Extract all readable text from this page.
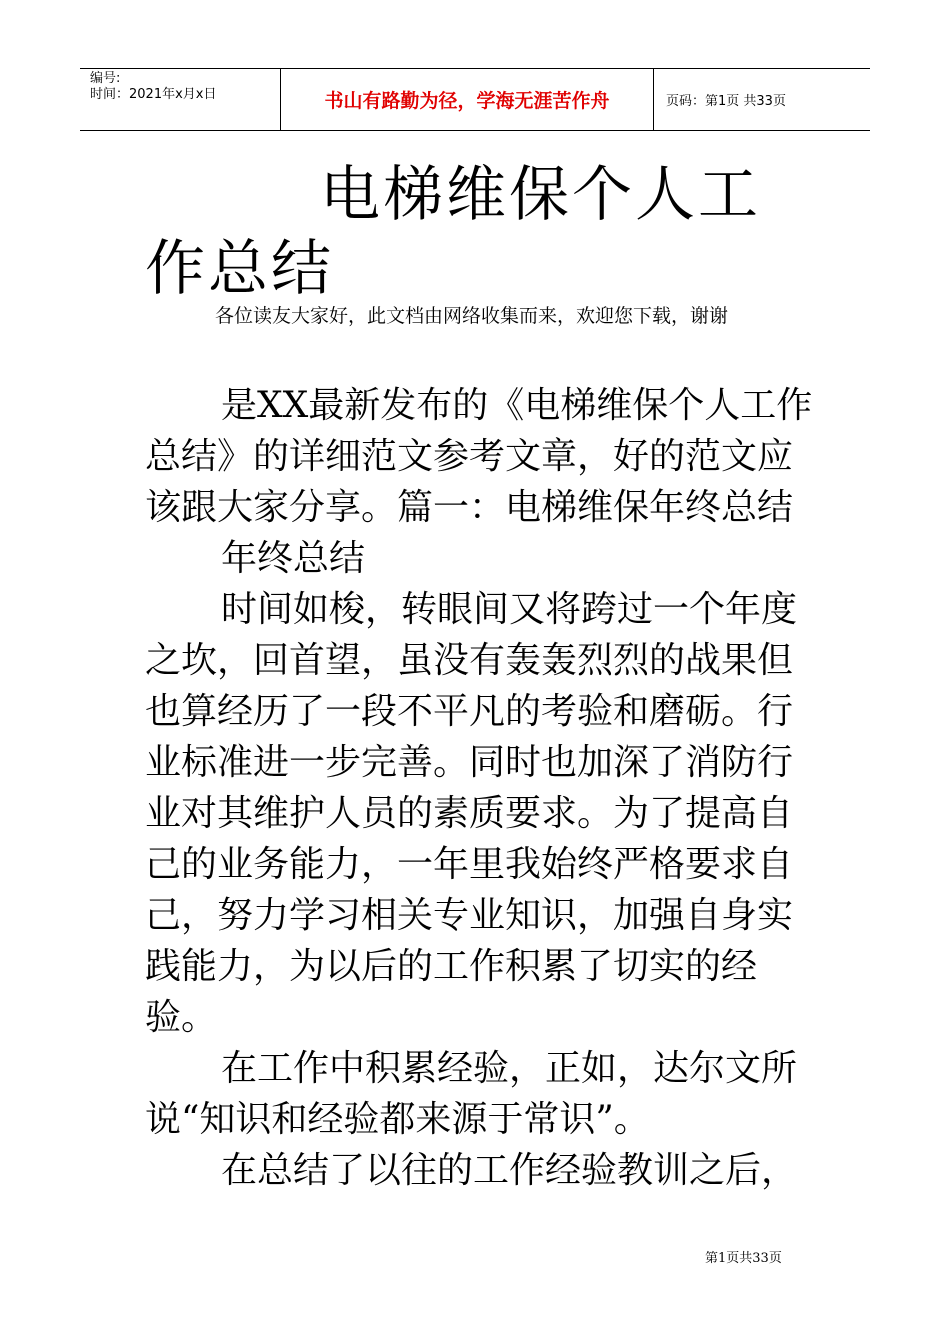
编号:
时间：2021年x月x日	书山有路勤为径，学海无涯苦作舟	页码：第1页 共33页
电梯维保个人工作总结
各位读友大家好，此文档由网络收集而来，欢迎您下载，谢谢

是XX最新发布的《电梯维保个人工作总结》的详细范文参考文章，好的范文应该跟大家分享。篇一：电梯维保年终总结

年终总结

时间如梭，转眼间又将跨过一个年度之坎，回首望，虽没有轰轰烈烈的战果但也算经历了一段不平凡的考验和磨砺。行业标准进一步完善。同时也加深了消防行业对其维护人员的素质要求。为了提高自己的业务能力，一年里我始终严格要求自己，努力学习相关专业知识，加强自身实践能力，为以后的工作积累了切实的经验。

在工作中积累经验，正如，达尔文所说“知识和经验都来源于常识”。

在总结了以往的工作经验教训之后，

第1页共33页
